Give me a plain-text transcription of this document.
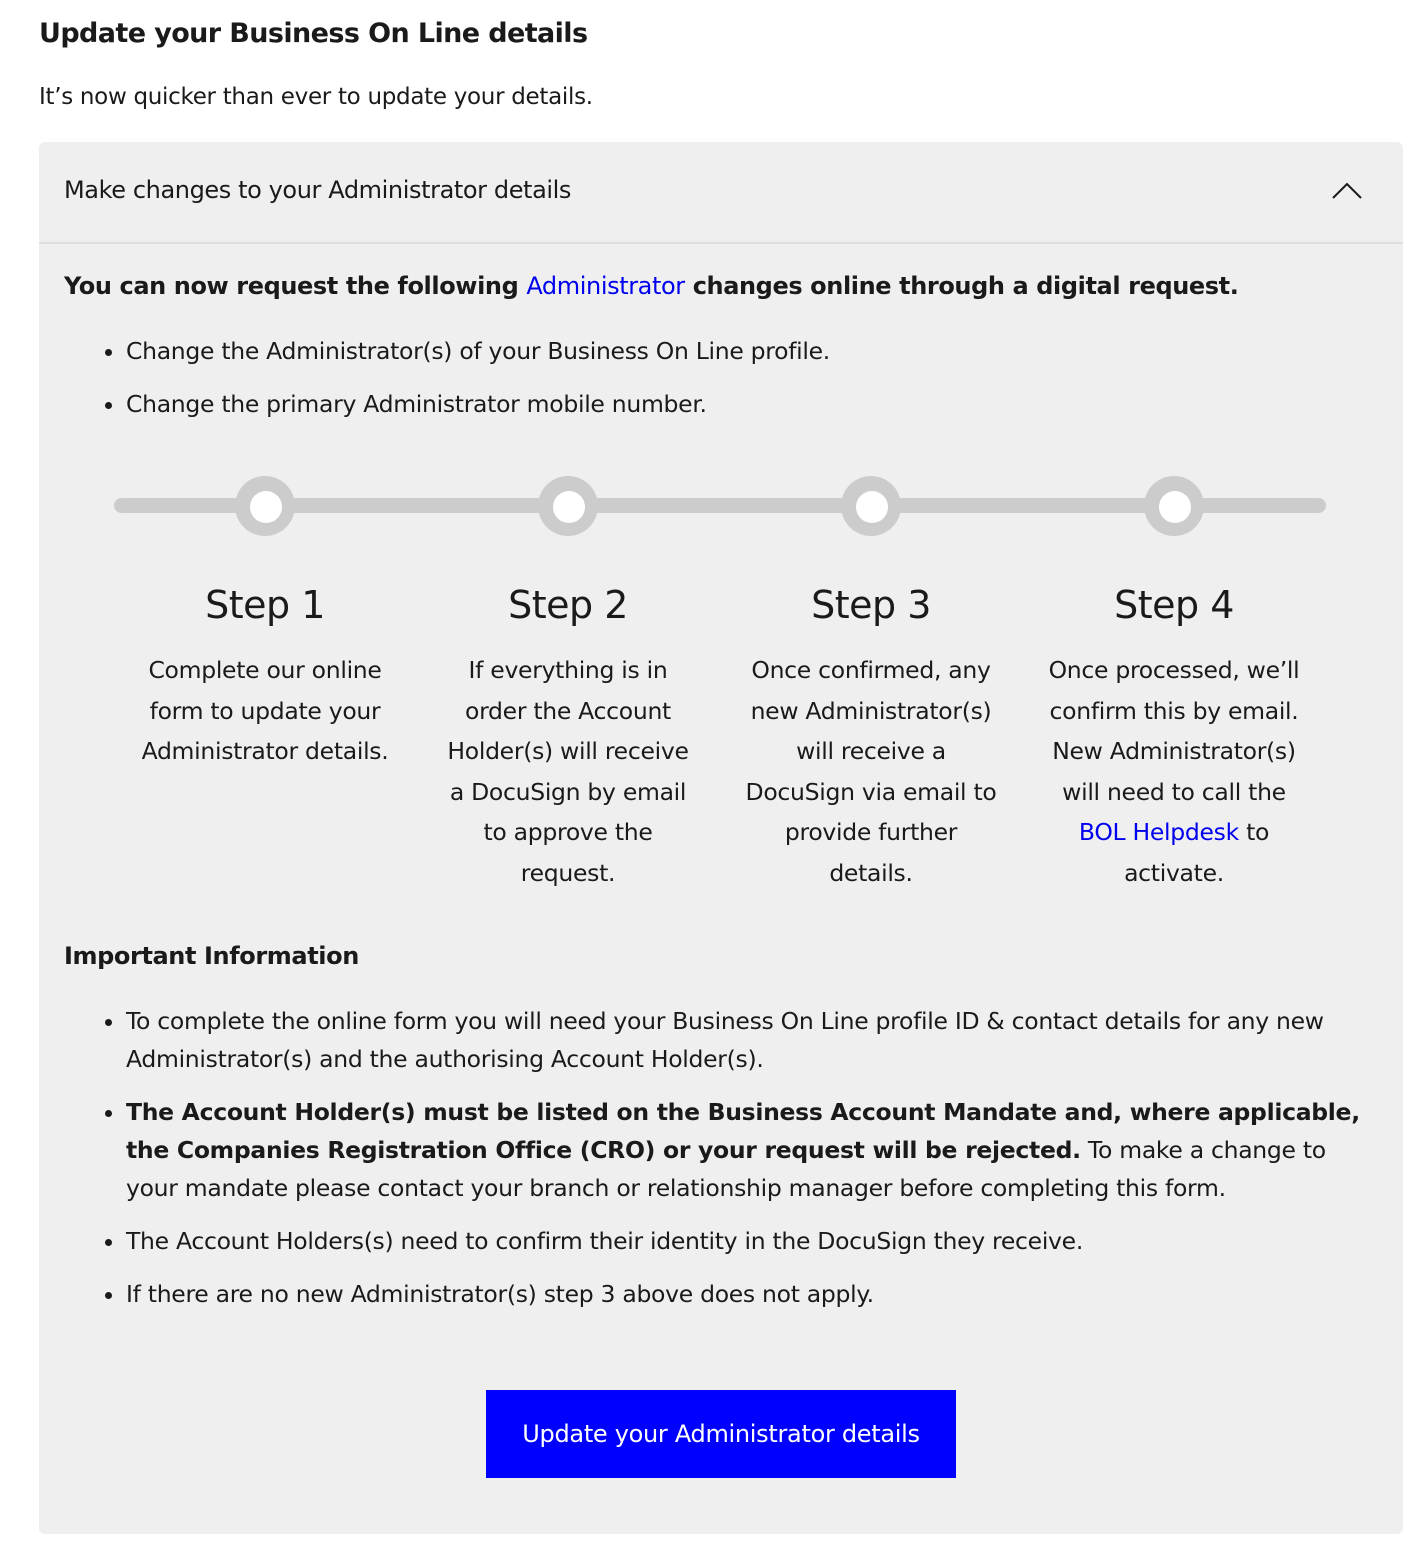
Update your Business On Line details

It’s now quicker than ever to update your details.

Make changes to your Administrator details

You can now request the following Administrator changes online through a digital request.

• Change the Administrator(s) of your Business On Line profile.
• Change the primary Administrator mobile number.

Step 1

Complete our online form to update your Administrator details.

Step 2

If everything is in order the Account Holder(s) will receive a DocuSign by email to approve the request.

Step 3

Once confirmed, any new Administrator(s) will receive a DocuSign via email to provide further details.

Step 4

Once processed, we’ll confirm this by email. New Administrator(s) will need to call the BOL Helpdesk to activate.

Important Information

• To complete the online form you will need your Business On Line profile ID & contact details for any new Administrator(s) and the authorising Account Holder(s).
• The Account Holder(s) must be listed on the Business Account Mandate and, where applicable, the Companies Registration Office (CRO) or your request will be rejected. To make a change to your mandate please contact your branch or relationship manager before completing this form.
• The Account Holders(s) need to confirm their identity in the DocuSign they receive.
• If there are no new Administrator(s) step 3 above does not apply.
Update your Administrator details
